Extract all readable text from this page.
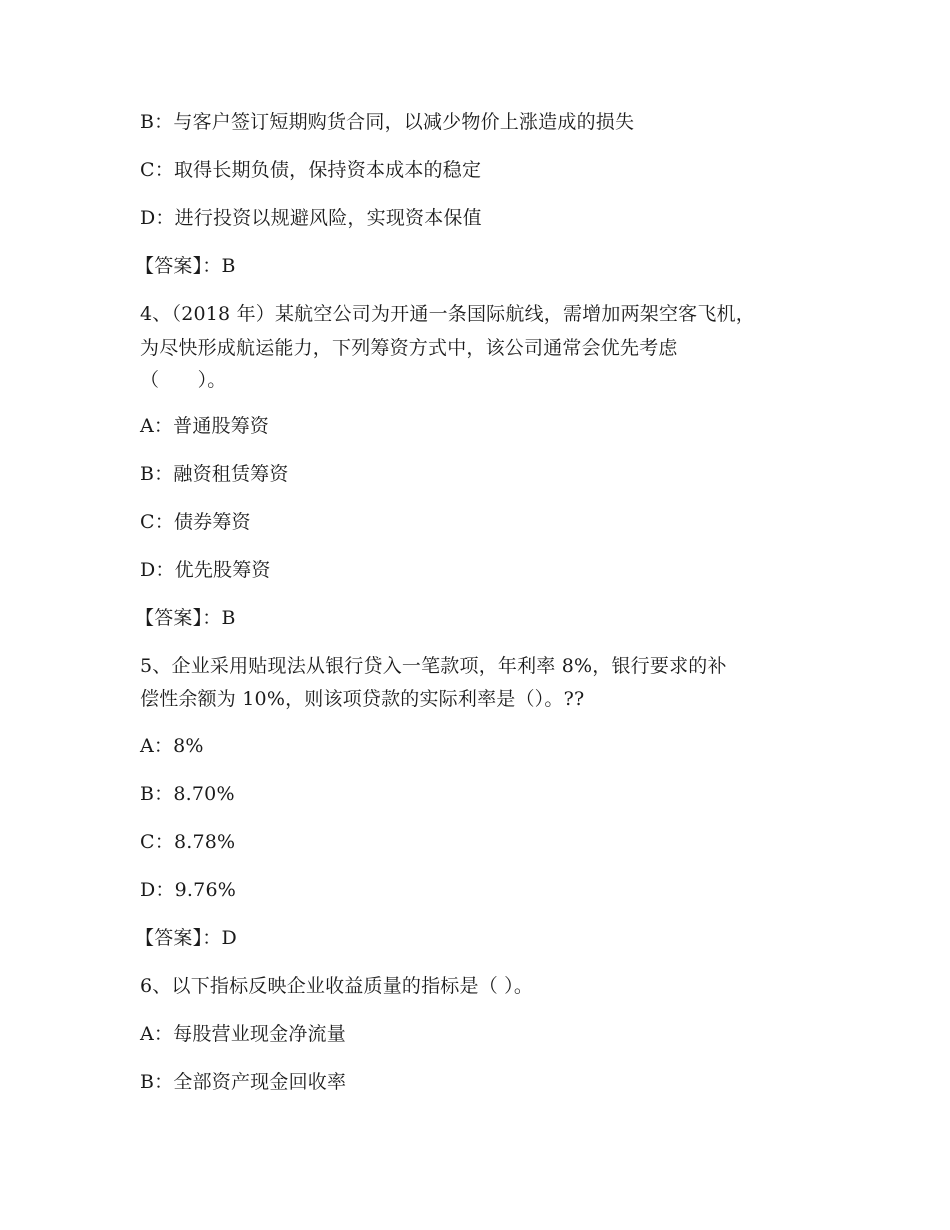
B：与客户签订短期购货合同，以减少物价上涨造成的损失
C：取得长期负债，保持资本成本的稳定
D：进行投资以规避风险，实现资本保值
【答案】：B
4、（2018 年）某航空公司为开通一条国际航线，需增加两架空客飞机，
为尽快形成航运能力，下列筹资方式中，该公司通常会优先考虑
（　　）。
A：普通股筹资
B：融资租赁筹资
C：债券筹资
D：优先股筹资
【答案】：B
5、企业采用贴现法从银行贷入一笔款项，年利率 8%，银行要求的补
偿性余额为 10%，则该项贷款的实际利率是（）。??
A：8%
B：8.70%
C：8.78%
D：9.76%
【答案】：D
6、以下指标反映企业收益质量的指标是（ ）。
A：每股营业现金净流量
B：全部资产现金回收率
